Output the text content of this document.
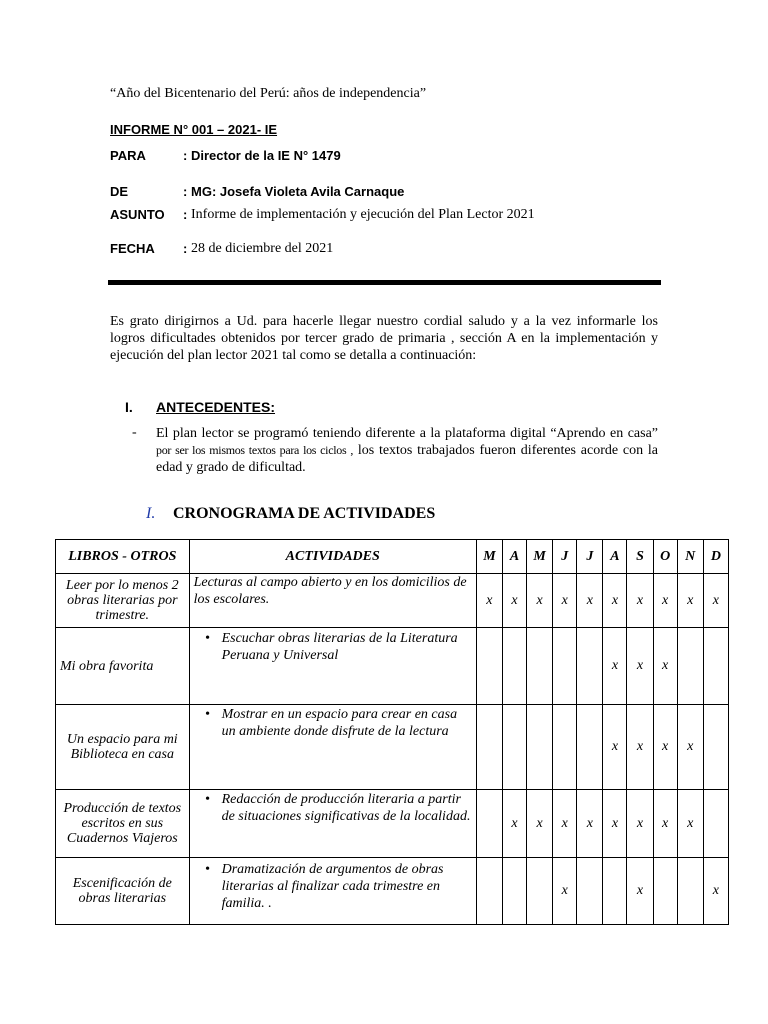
“Año del Bicentenario del Perú: años de independencia”
INFORME N° 001 – 2021- IE
PARA	: Director de la IE N° 1479
DE	: MG: Josefa Violeta Avila Carnaque
ASUNTO	: Informe de implementación y ejecución del Plan Lector 2021
FECHA	: 28 de diciembre del 2021
Es grato dirigirnos a Ud. para hacerle llegar nuestro cordial saludo y a la vez informarle los logros dificultades obtenidos por tercer grado de primaria , sección A en la implementación y ejecución del plan lector 2021 tal como se detalla a continuación:
I. ANTECEDENTES:
- El plan lector se programó teniendo diferente a la plataforma digital “Aprendo en casa” por ser los mismos textos para los ciclos , los textos trabajados fueron diferentes acorde con la edad y grado de dificultad.
I. CRONOGRAMA DE ACTIVIDADES
LIBROS - OTROS	ACTIVIDADES	M	A	M	J	J	A	S	O	N	D
Leer por lo menos 2 obras literarias por trimestre.	Lecturas al campo abierto y en los domicilios de los escolares.	x	x	x	x	x	x	x	x	x	x
Mi obra favorita	• Escuchar obras literarias de la Literatura Peruana y Universal						x	x	x		
Un espacio para mi Biblioteca en casa	• Mostrar en un espacio para crear en casa un ambiente donde disfrute de la lectura						x	x	x	x	
Producción de textos escritos en sus Cuadernos Viajeros	• Redacción de producción literaria a partir de situaciones significativas de la localidad.		x	x	x	x	x	x	x	x	
Escenificación de obras literarias	• Dramatización de argumentos de obras literarias al finalizar cada trimestre en familia. .				x			x			x
